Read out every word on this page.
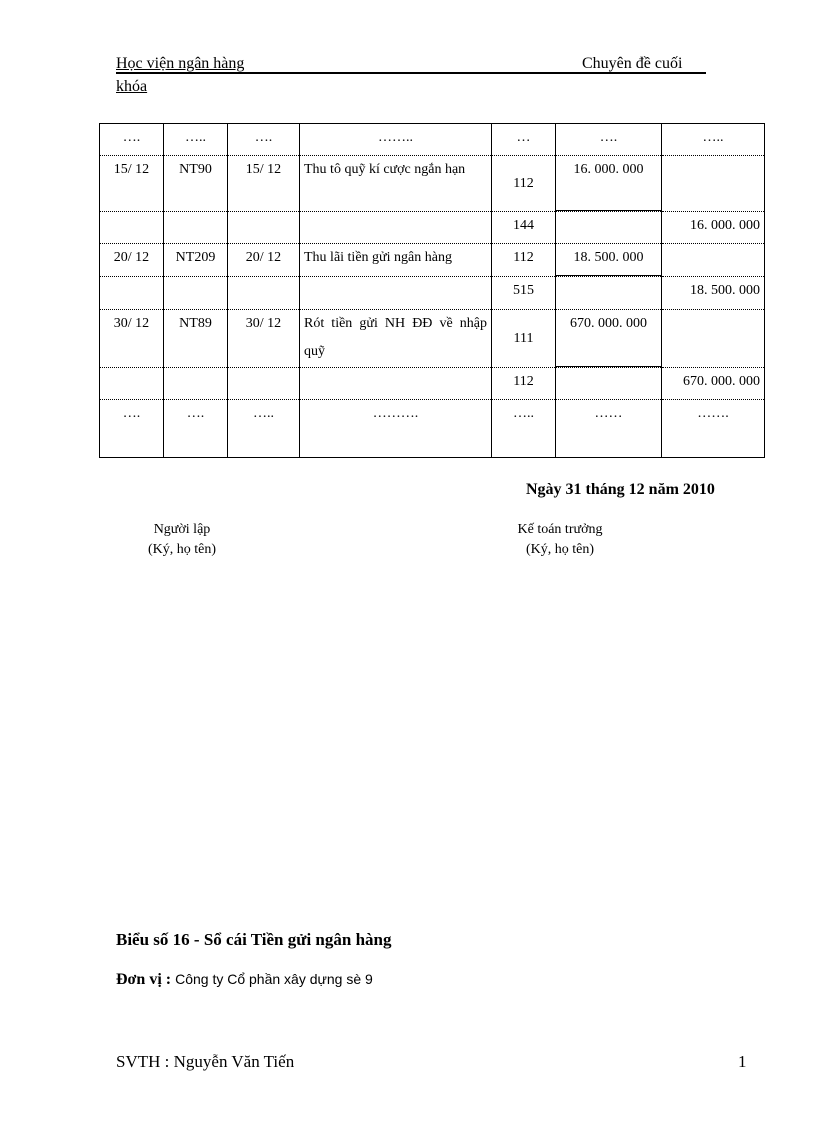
Học viện ngân hàng	Chuyên đề cuối
khóa
….	…..	….	……..	…	….	…..
15/ 12	NT90	15/ 12	Thu tô quỹ kí cược ngắn hạn	112	16. 000. 000

				144		16. 000. 000
20/ 12	NT209	20/ 12	Thu lãi tiền gửi ngân hàng	112	18. 500. 000

				515		18. 500. 000
30/ 12	NT89	30/ 12	Rót tiền gửi NH ĐĐ về nhập quỹ	111	670. 000. 000

				112		670. 000. 000
….	….	…..	……….	…..	……	…….
Ngày 31 tháng 12 năm 2010
Người lập
(Ký, họ tên)
Kế toán trưởng
(Ký, họ tên)
Biểu số 16 - Sổ cái Tiền gửi ngân hàng
Đơn vị : Công ty Cổ phần xây dựng sè 9
SVTH : Nguyễn Văn Tiến	1
